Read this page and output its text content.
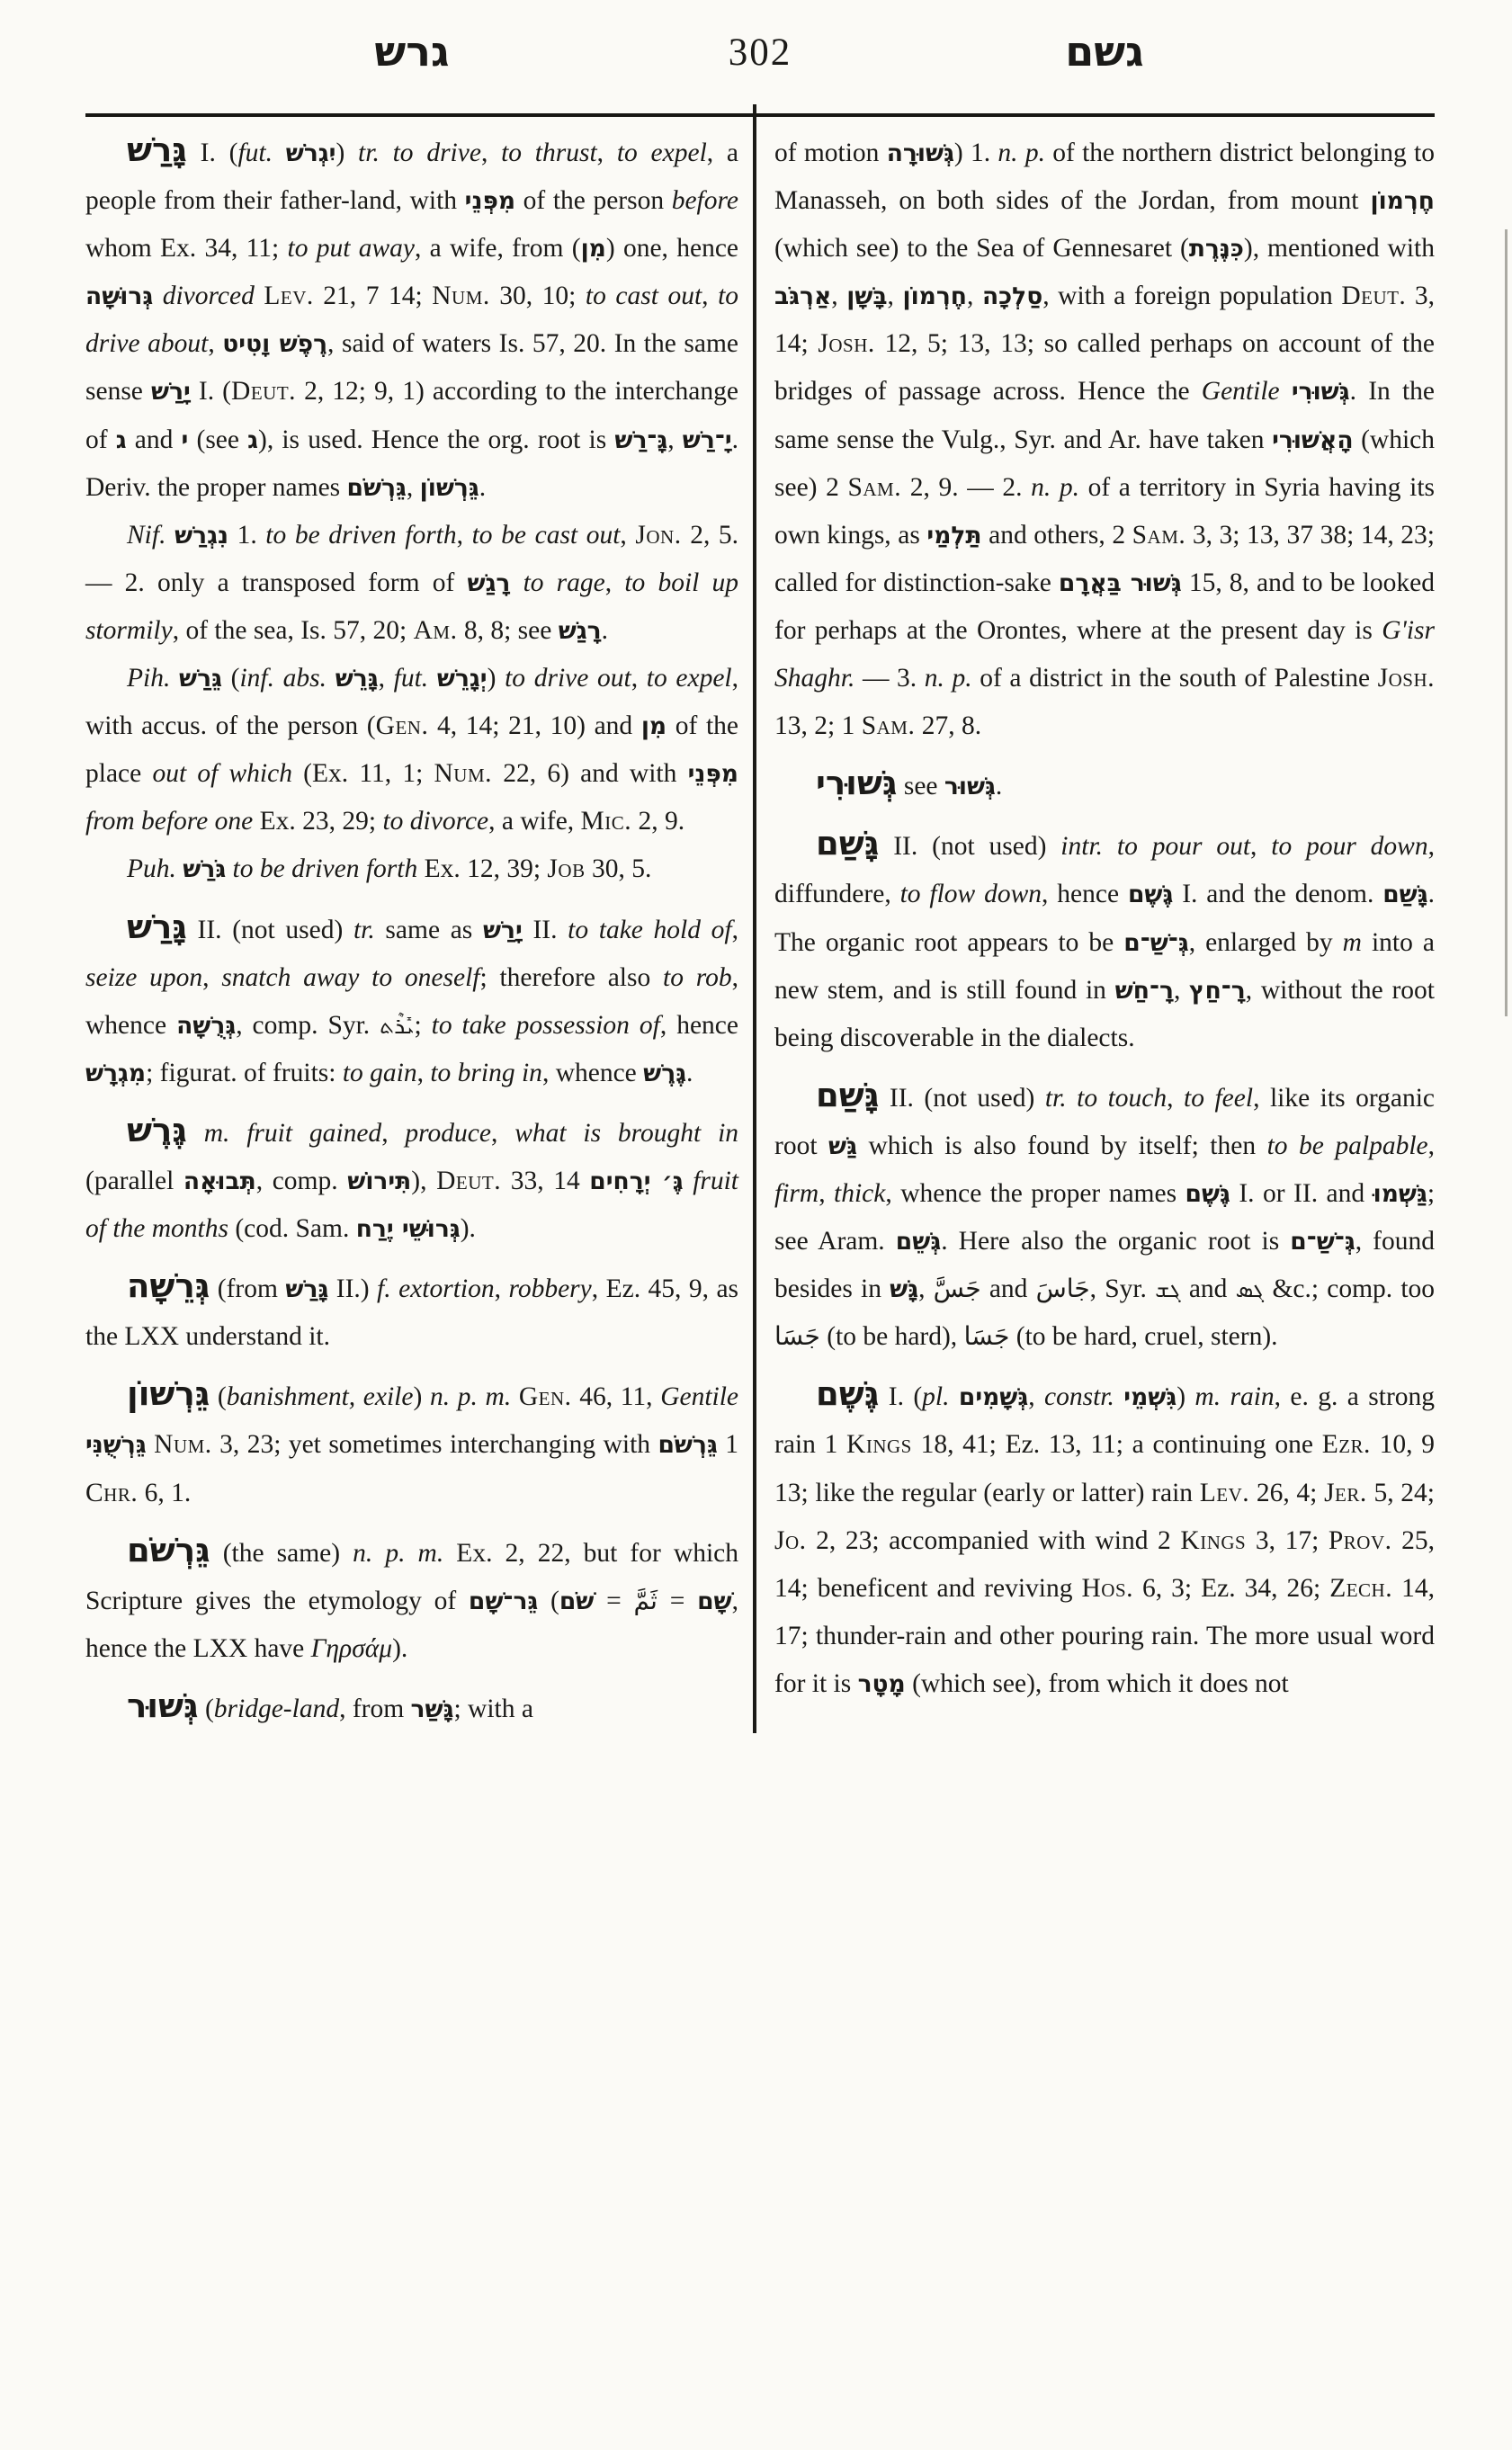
גרש	302	גשם

גָּרַשׁ I. (fut. יִגְרֹשׁ) tr. to drive, to thrust, to expel, a people from their father-land, with מִפְּנֵי of the person before whom Ex. 34, 11; to put away, a wife, from (מִן) one, hence גְּרוּשָׁה divorced Lev. 21, 7 14; Num. 30, 10; to cast out, to drive about, רֶפֶשׁ וָטִיט, said of waters Is. 57, 20. In the same sense יָרַשׁ I. (Deut. 2, 12; 9, 1) according to the interchange of ג and י (see ג), is used. Hence the org. root is גָּ־רַשׁ, יָ־רַשׁ. Deriv. the proper names גֵּרְשֹׁם, גֵּרְשׁוֹן.

Nif. נִגְרַשׁ 1. to be driven forth, to be cast out, Jon. 2, 5. — 2. only a transposed form of רָגַשׁ to rage, to boil up stormily, of the sea, Is. 57, 20; Am. 8, 8; see רָגַשׁ.

Pih. גֵּרַשׁ (inf. abs. גָּרֵשׁ, fut. יְגָרֵשׁ) to drive out, to expel, with accus. of the person (Gen. 4, 14; 21, 10) and מִן of the place out of which (Ex. 11, 1; Num. 22, 6) and with מִפְּנֵי from before one Ex. 23, 29; to divorce, a wife, Mic. 2, 9.

Puh. גֹּרַשׁ to be driven forth Ex. 12, 39; Job 30, 5.

גָּרַשׁ II. (not used) tr. same as יָרַשׁ II. to take hold of, seize upon, snatch away to oneself; therefore also to rob, whence גְּרֻשָׁה, comp. Syr. ܝܺܪܶܬ; to take possession of, hence מִגְרָשׁ; figurat. of fruits: to gain, to bring in, whence גֶּרֶשׁ.

גֶּרֶשׁ m. fruit gained, produce, what is brought in (parallel תְּבוּאָה, comp. תִּירוֹשׁ), Deut. 33, 14 גֶּ׳ יְרָחִים fruit of the months (cod. Sam. גְּרוּשֵׁי יֶרַח).

גְּרֵשָׁה (from גָּרַשׁ II.) f. extortion, robbery, Ez. 45, 9, as the LXX understand it.

גֵּרְשׁוֹן (banishment, exile) n. p. m. Gen. 46, 11, Gentile גֵּרְשֻׁנִּי Num. 3, 23; yet sometimes interchanging with גֵּרְשֹׁם 1 Chr. 6, 1.

גֵּרְשֹׁם (the same) n. p. m. Ex. 2, 22, but for which Scripture gives the etymology of גֵּר־שָׁם (שֹׁם = ثَمَّ = שָׁם, hence the LXX have Γηρσάμ).

גְּשׁוּר (bridge-land, from גָּשַׁר; with a

of motion גְּשׁוּרָה) 1. n. p. of the northern district belonging to Manasseh, on both sides of the Jordan, from mount חֶרְמוֹן (which see) to the Sea of Gennesaret (כִּנֶּרֶת), mentioned with אַרְגֹּב, בָּשָׁן, חֶרְמוֹן, סַלְכָה, with a foreign population Deut. 3, 14; Josh. 12, 5; 13, 13; so called perhaps on account of the bridges of passage across. Hence the Gentile גְּשׁוּרִי. In the same sense the Vulg., Syr. and Ar. have taken הָאֲשׁוּרִי (which see) 2 Sam. 2, 9. — 2. n. p. of a territory in Syria having its own kings, as תַּלְמַי and others, 2 Sam. 3, 3; 13, 37 38; 14, 23; called for distinction-sake גְּשׁוּר בַּאֲרָם 15, 8, and to be looked for perhaps at the Orontes, where at the present day is G'isr Shaghr. — 3. n. p. of a district in the south of Palestine Josh. 13, 2; 1 Sam. 27, 8.

גְּשׁוּרִי see גְּשׁוּר.

גָּשַׁם II. (not used) intr. to pour out, to pour down, diffundere, to flow down, hence גֶּשֶׁם I. and the denom. גָּשַׁם. The organic root appears to be גְּ־שַׁ־ם, enlarged by m into a new stem, and is still found in רָ־חַשׁ, רָ־חַץ, without the root being discoverable in the dialects.

גָּשַׁם II. (not used) tr. to touch, to feel, like its organic root גַּשׁ which is also found by itself; then to be palpable, firm, thick, whence the proper names גֶּשֶׁם I. or II. and גַּשְׁמוּ; see Aram. גְּשֵׁם. Here also the organic root is גְּ־שַׁ־ם, found besides in גָּשׁ, جَسَّ and جَاسَ, Syr. ܓܫ and ܓܣ &c.; comp. too جَسَا (to be hard), جَسَا (to be hard, cruel, stern).

גֶּשֶׁם I. (pl. גְּשָׁמִים, constr. גִּשְׁמֵי) m. rain, e. g. a strong rain 1 Kings 18, 41; Ez. 13, 11; a continuing one Ezr. 10, 9 13; like the regular (early or latter) rain Lev. 26, 4; Jer. 5, 24; Jo. 2, 23; accompanied with wind 2 Kings 3, 17; Prov. 25, 14; beneficent and reviving Hos. 6, 3; Ez. 34, 26; Zech. 14, 17; thunder-rain and other pouring rain. The more usual word for it is מָטָר (which see), from which it does not
